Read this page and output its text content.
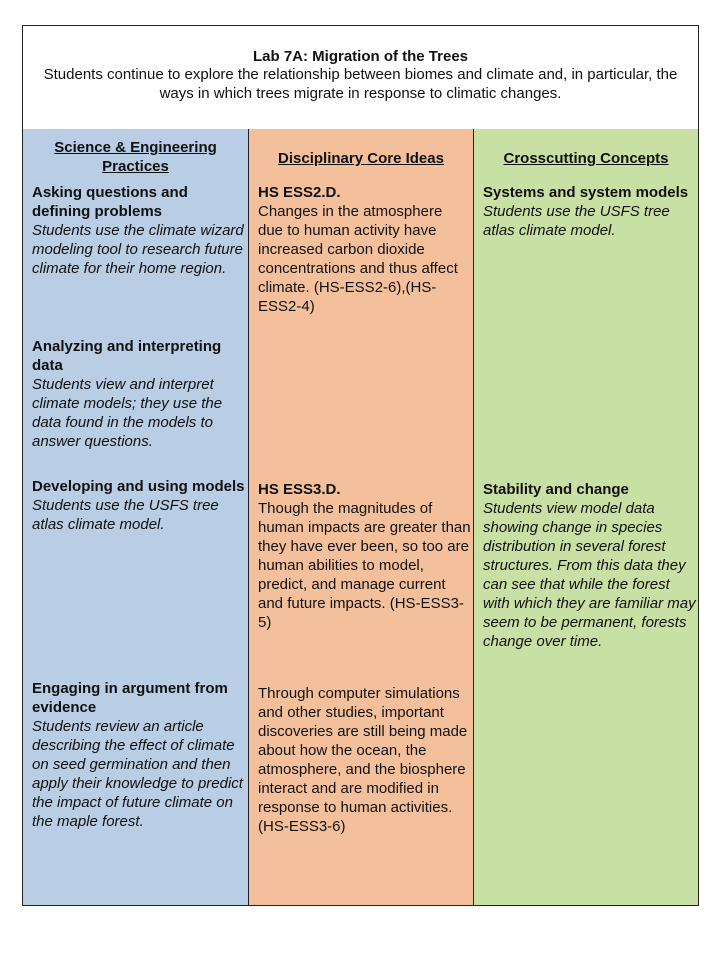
Lab 7A: Migration of the Trees
Students continue to explore the relationship between biomes and climate and, in particular, the ways in which trees migrate in response to climatic changes.
Science & Engineering Practices
Asking questions and defining problems
Students use the climate wizard modeling tool to research future climate for their home region.
Analyzing and interpreting data
Students view and interpret climate models; they use the data found in the models to answer questions.
Developing and using models
Students use the USFS tree atlas climate model.
Engaging in argument from evidence
Students review an article describing the effect of climate on seed germination and then apply their knowledge to predict the impact of future climate on the maple forest.
Disciplinary Core Ideas
HS ESS2.D.
Changes in the atmosphere due to human activity have increased carbon dioxide concentrations and thus affect climate. (HS-ESS2-6),(HS-ESS2-4)
HS ESS3.D.
Though the magnitudes of human impacts are greater than they have ever been, so too are human abilities to model, predict, and manage current and future impacts. (HS-ESS3-5)
Through computer simulations and other studies, important discoveries are still being made about how the ocean, the atmosphere, and the biosphere interact and are modified in response to human activities. (HS-ESS3-6)
Crosscutting Concepts
Systems and system models
Students use the USFS tree atlas climate model.
Stability and change
Students view model data showing change in species distribution in several forest structures. From this data they can see that while the forest with which they are familiar may seem to be permanent, forests change over time.
